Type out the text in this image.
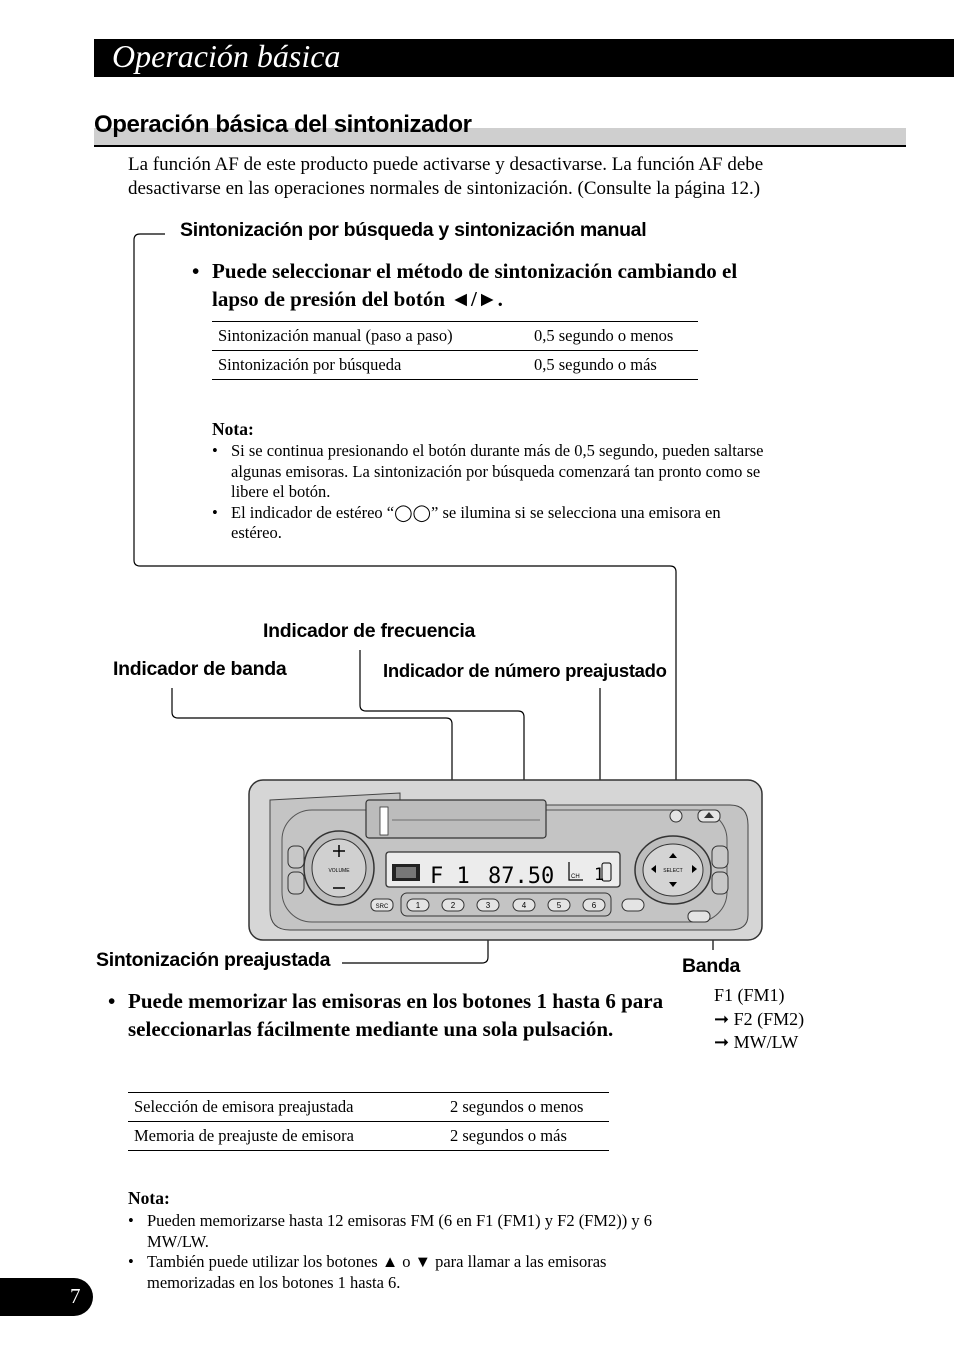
Operación básica
Operación básica del sintonizador
La función AF de este producto puede activarse y desactivarse. La función AF debe desactivarse en las operaciones normales de sintonización. (Consulte la página 12.)
VOLUME	F 1 87.50	CH 1
SRC	1	2	3	4	5	6
SELECT
Sintonización por búsqueda y sintonización manual
• Puede seleccionar el método de sintonización cambiando el lapso de presión del botón ◄/►.
Sintonización manual (paso a paso)	0,5 segundo o menos
Sintonización por búsqueda	0,5 segundo o más
Nota:
• Si se continua presionando el botón durante más de 0,5 segundo, pueden saltarse algunas emisoras. La sintonización por búsqueda comenzará tan pronto como se libere el botón.
• El indicador de estéreo “◯◯” se ilumina si se selecciona una emisora en estéreo.
Indicador de frecuencia
Indicador de banda	Indicador de número preajustado
Sintonización preajustada	Banda
F1 (FM1)
➞ F2 (FM2)
➞ MW/LW
• Puede memorizar las emisoras en los botones 1 hasta 6 para seleccionarlas fácilmente mediante una sola pulsación.
Selección de emisora preajustada	2 segundos o menos
Memoria de preajuste de emisora	2 segundos o más
Nota:
• Pueden memorizarse hasta 12 emisoras FM (6 en F1 (FM1) y F2 (FM2)) y 6 MW/LW.
• También puede utilizar los botones ▲ o ▼ para llamar a las emisoras memorizadas en los botones 1 hasta 6.
7
